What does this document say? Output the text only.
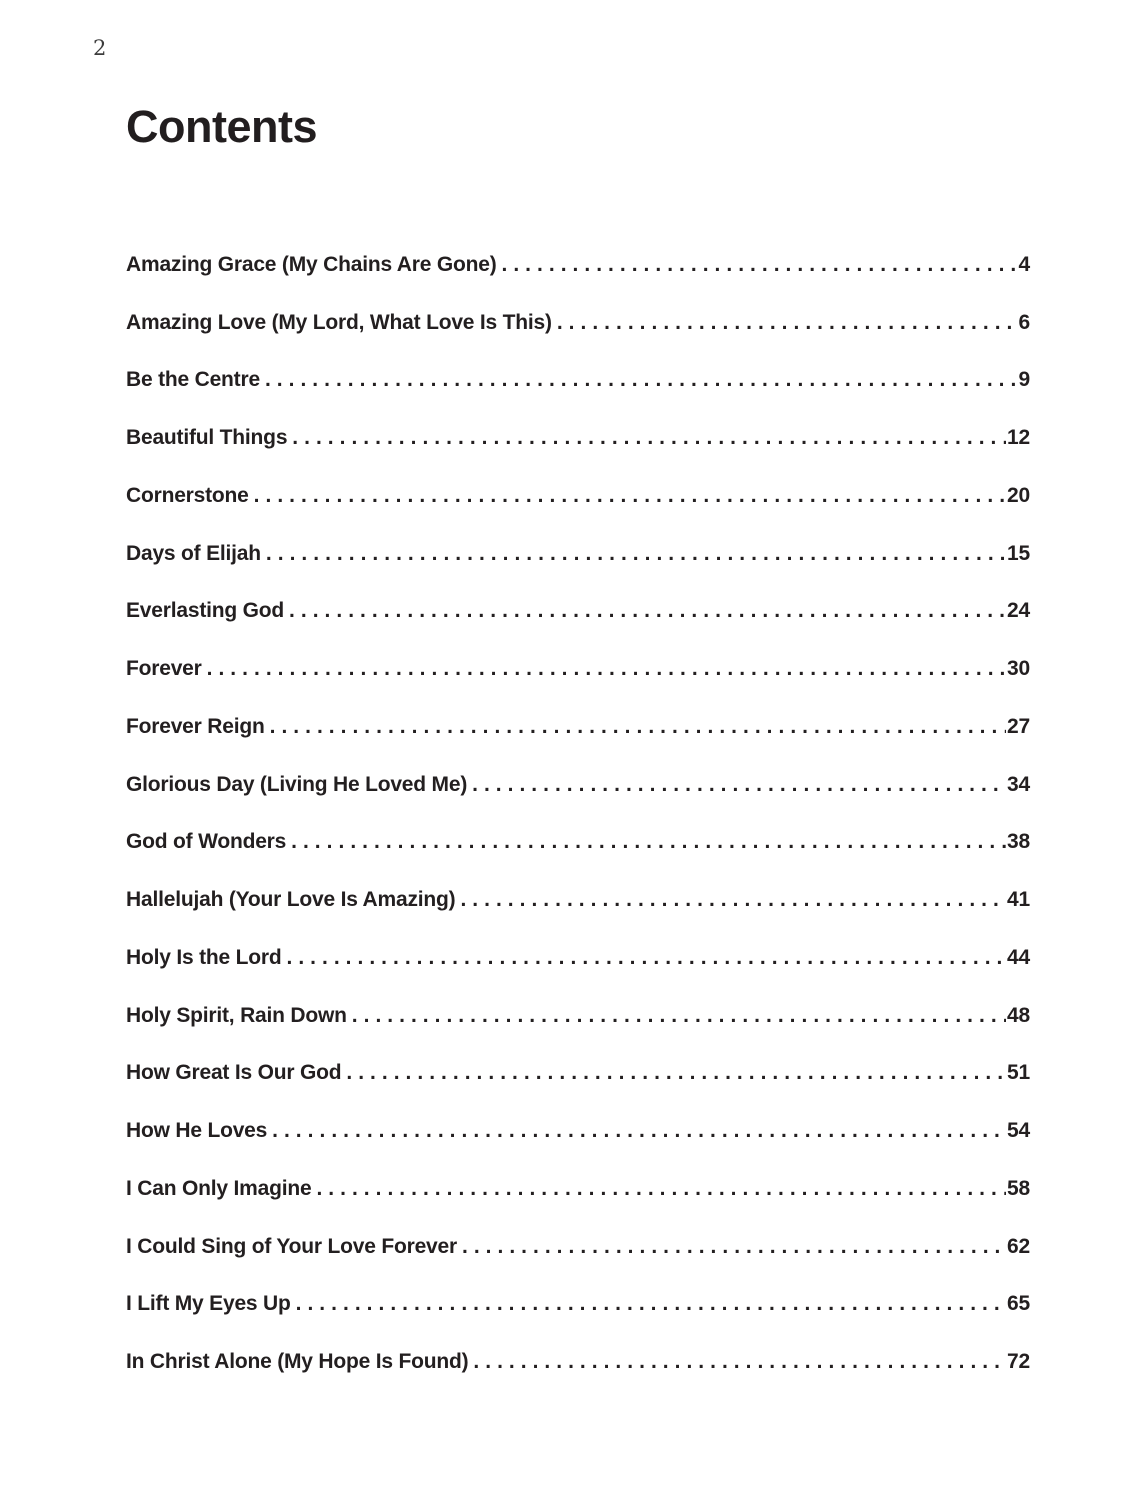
2
Contents
Amazing Grace (My Chains Are Gone) .....	4
Amazing Love (My Lord, What Love Is This) .....	6
Be the Centre .....	9
Beautiful Things .....	12
Cornerstone .....	20
Days of Elijah .....	15
Everlasting God .....	24
Forever .....	30
Forever Reign .....	27
Glorious Day (Living He Loved Me) .....	34
God of Wonders .....	38
Hallelujah (Your Love Is Amazing) .....	41
Holy Is the Lord .....	44
Holy Spirit, Rain Down .....	48
How Great Is Our God .....	51
How He Loves .....	54
I Can Only Imagine .....	58
I Could Sing of Your Love Forever .....	62
I Lift My Eyes Up .....	65
In Christ Alone (My Hope Is Found) .....	72
